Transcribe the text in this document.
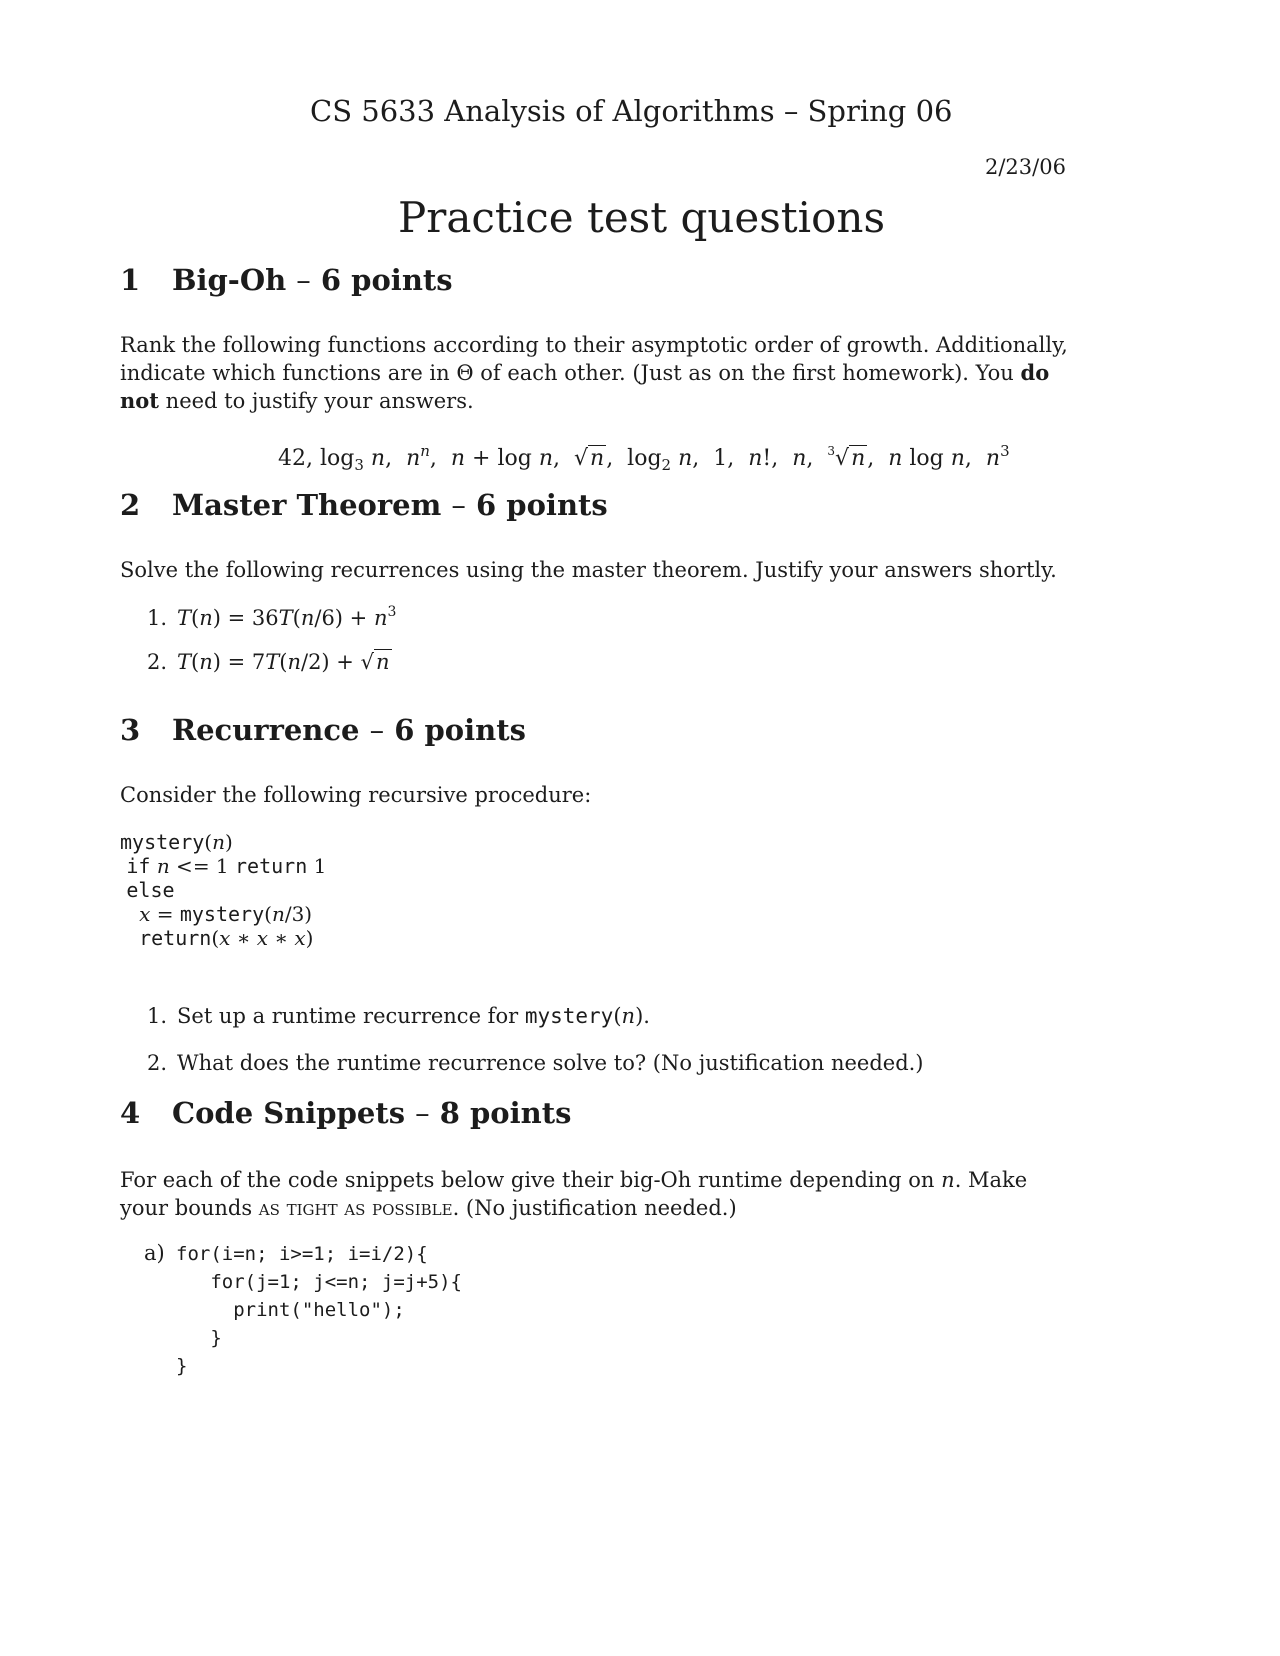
CS 5633 Analysis of Algorithms – Spring 06
2/23/06
Practice test questions
1 Big-Oh – 6 points
Rank the following functions according to their asymptotic order of growth. Additionally, indicate which functions are in Θ of each other. (Just as on the first homework). You do not need to justify your answers.
42, $\log_3 n$,  $n^n$,  n + log n,  √n,  $\log_2 n$,  1,  n!,  n,  $^3$√n,  n log n,  $n^3$
2 Master Theorem – 6 points
Solve the following recurrences using the master theorem. Justify your answers shortly.
1. $T(n) = 36T(n/6) + n^3$
2. T(n) = 7T(n/2) + √n
3 Recurrence – 6 points
Consider the following recursive procedure:
mystery(n)
if n <= 1 return 1
else
x = mystery(n/3)
return(x ∗ x ∗ x)
1. Set up a runtime recurrence for mystery(n).
2. What does the runtime recurrence solve to? (No justification needed.)
4 Code Snippets – 8 points
For each of the code snippets below give their big-Oh runtime depending on n. Make your bounds as tight as possible. (No justification needed.)
a) for(i=n; i>=1; i=i/2){
for(j=1; j<=n; j=j+5){
print("hello");
}
}
